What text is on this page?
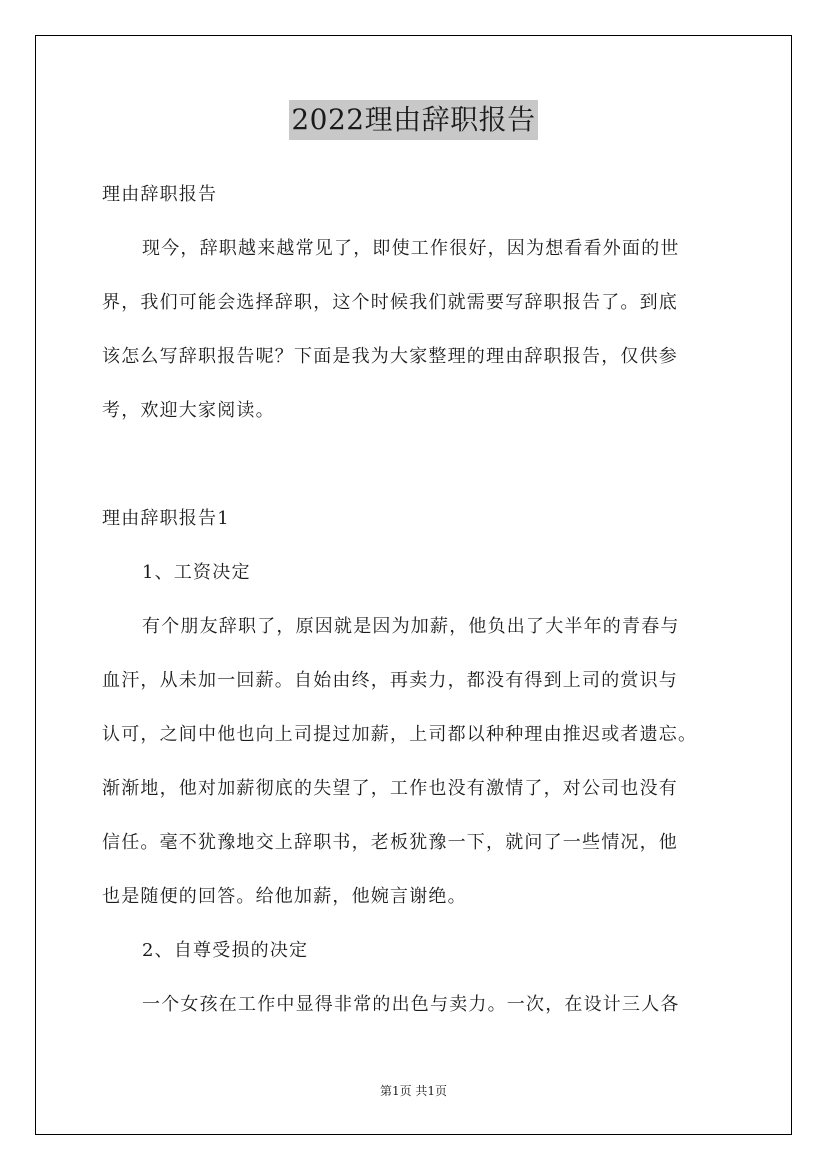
2022理由辞职报告
理由辞职报告
现今，辞职越来越常见了，即使工作很好，因为想看看外面的世
界，我们可能会选择辞职，这个时候我们就需要写辞职报告了。到底
该怎么写辞职报告呢？下面是我为大家整理的理由辞职报告，仅供参
考，欢迎大家阅读。
理由辞职报告1
1、工资决定
有个朋友辞职了，原因就是因为加薪，他负出了大半年的青春与
血汗，从未加一回薪。自始由终，再卖力，都没有得到上司的赏识与
认可，之间中他也向上司提过加薪，上司都以种种理由推迟或者遗忘。
渐渐地，他对加薪彻底的失望了，工作也没有激情了，对公司也没有
信任。毫不犹豫地交上辞职书，老板犹豫一下，就问了一些情况，他
也是随便的回答。给他加薪，他婉言谢绝。
2、自尊受损的决定
一个女孩在工作中显得非常的出色与卖力。一次，在设计三人各
第1页 共1页
